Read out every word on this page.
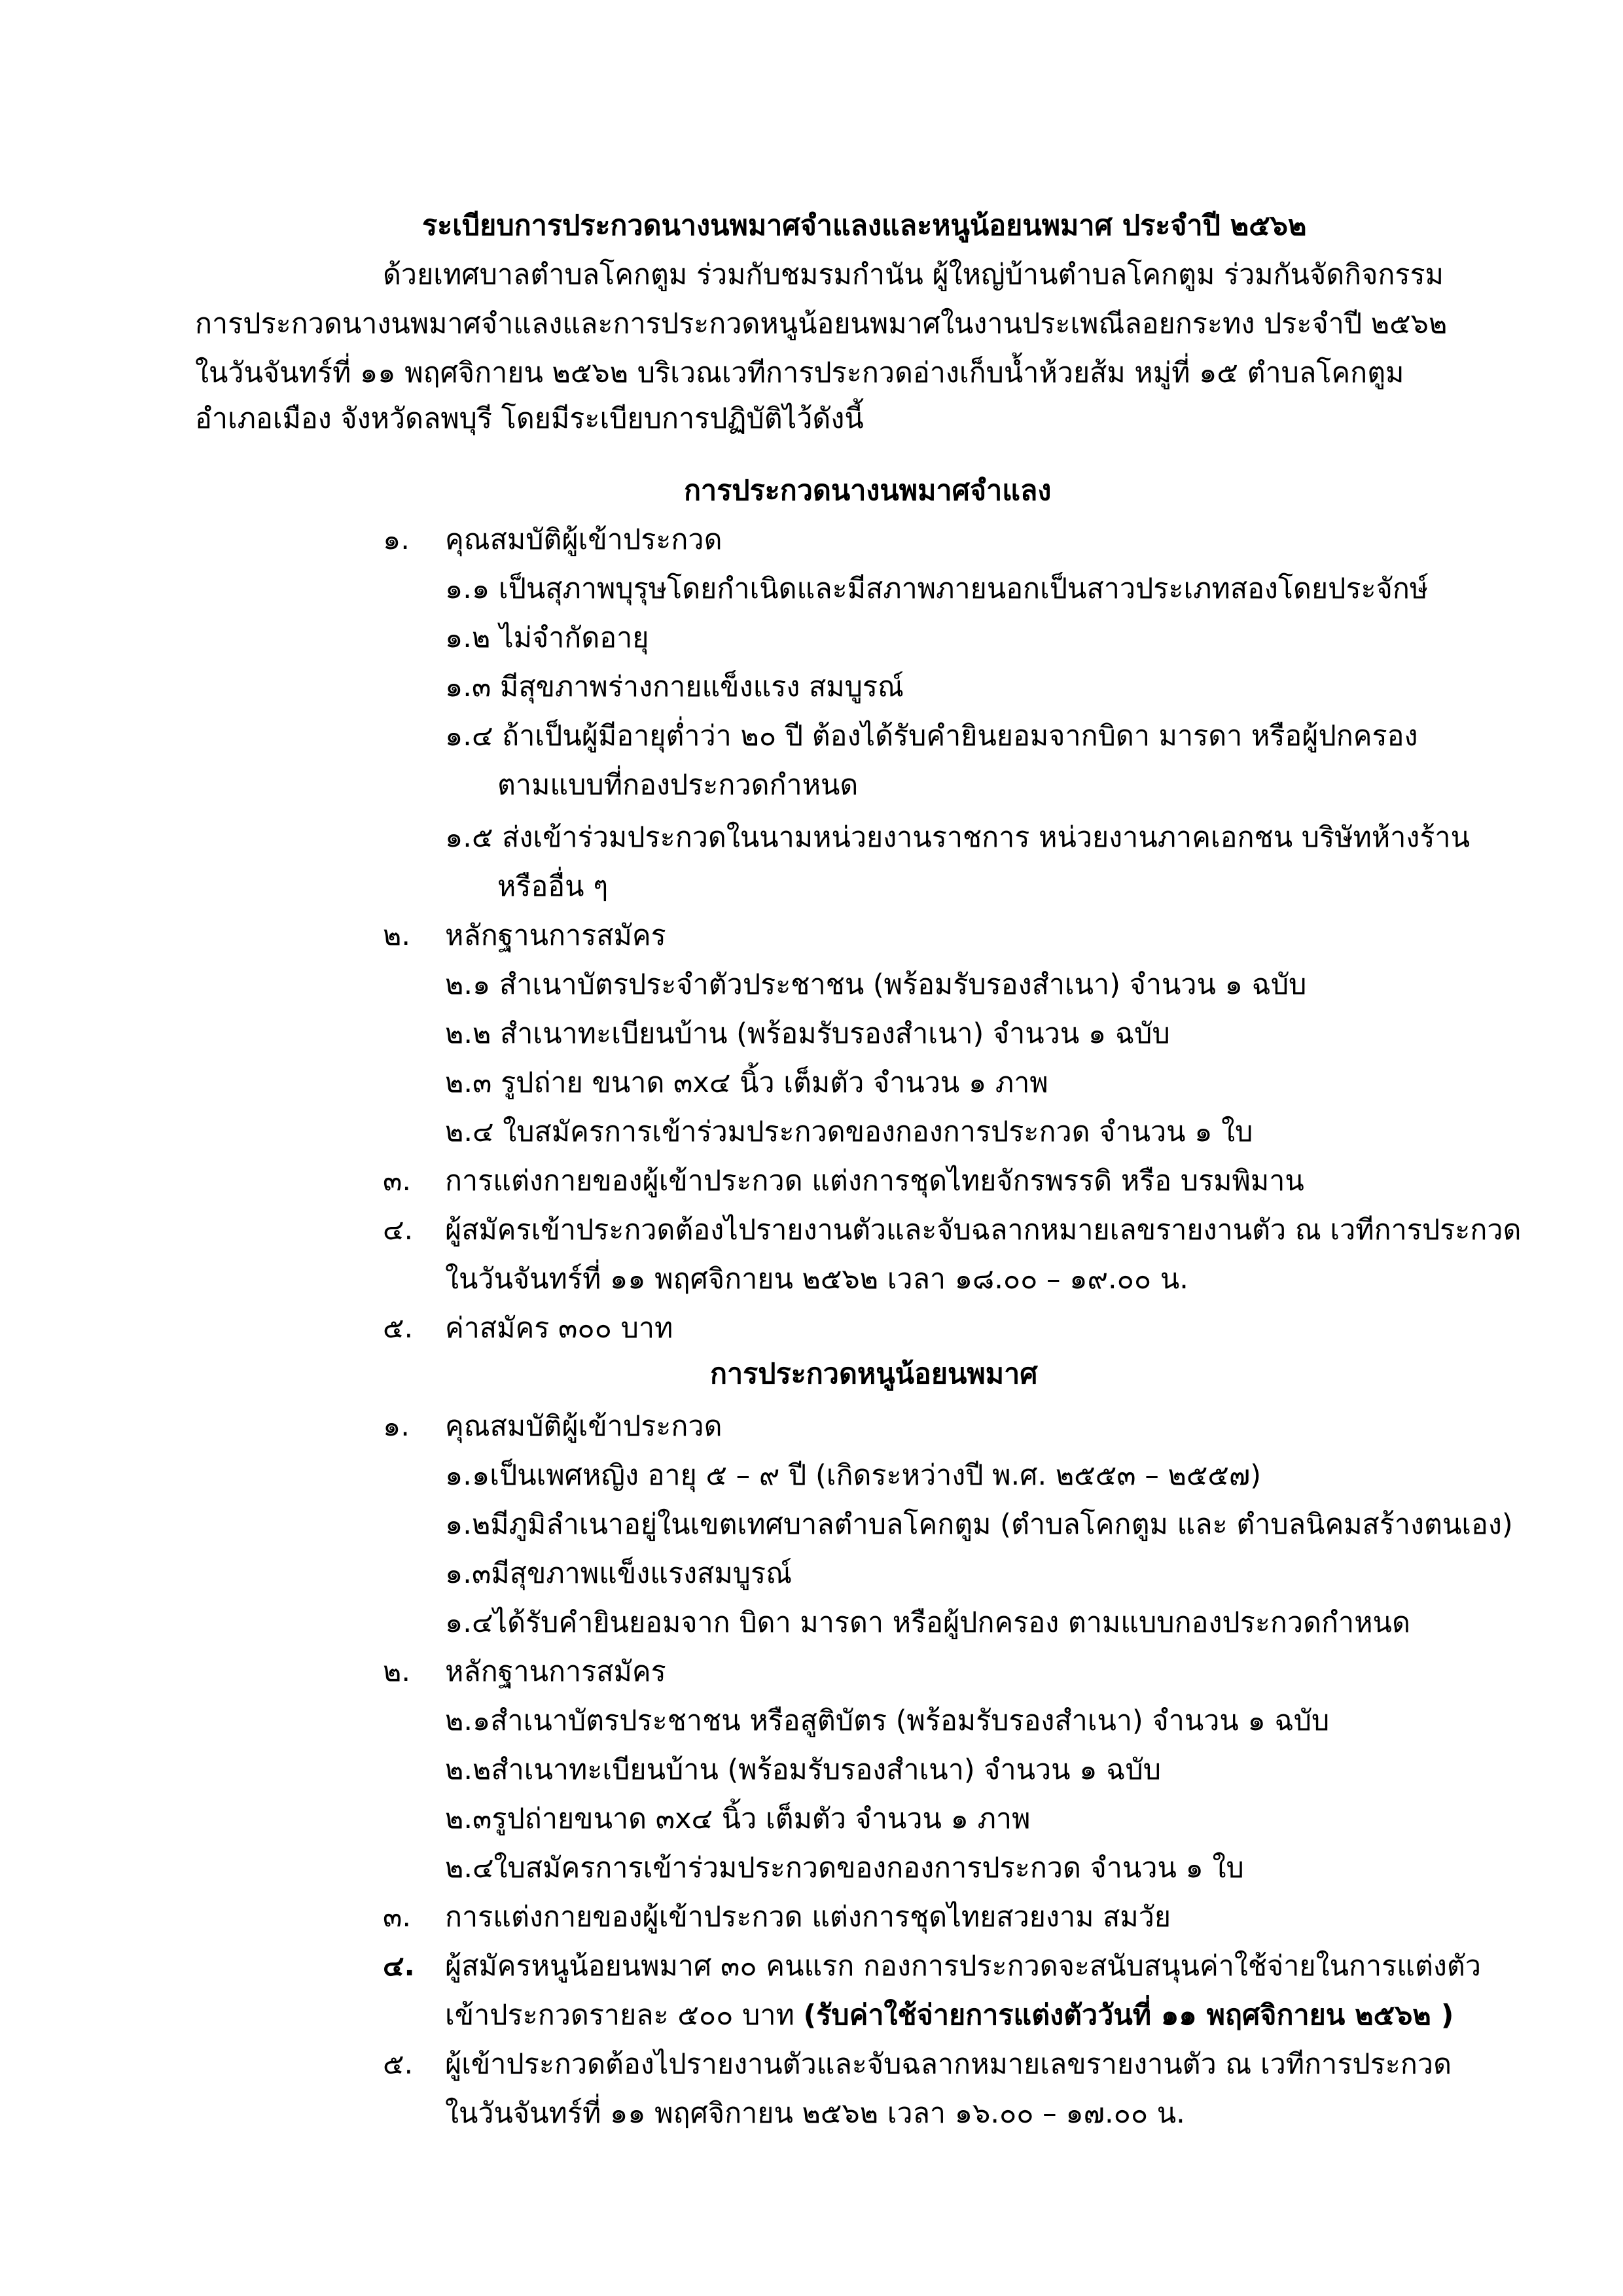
ระเบียบการประกวดนางนพมาศจำแลงและหนูน้อยนพมาศ ประจำปี ๒๕๖๒
ด้วยเทศบาลตำบลโคกตูม ร่วมกับชมรมกำนัน ผู้ใหญ่บ้านตำบลโคกตูม ร่วมกันจัดกิจกรรม
การประกวดนางนพมาศจำแลงและการประกวดหนูน้อยนพมาศในงานประเพณีลอยกระทง ประจำปี ๒๕๖๒
ในวันจันทร์ที่ ๑๑ พฤศจิกายน ๒๕๖๒ บริเวณเวทีการประกวดอ่างเก็บน้ำห้วยส้ม หมู่ที่ ๑๕ ตำบลโคกตูม
อำเภอเมือง จังหวัดลพบุรี โดยมีระเบียบการปฏิบัติไว้ดังนี้
การประกวดนางนพมาศจำแลง
๑. คุณสมบัติผู้เข้าประกวด
๑.๑ เป็นสุภาพบุรุษโดยกำเนิดและมีสภาพภายนอกเป็นสาวประเภทสองโดยประจักษ์
๑.๒ ไม่จำกัดอายุ
๑.๓ มีสุขภาพร่างกายแข็งแรง สมบูรณ์
๑.๔ ถ้าเป็นผู้มีอายุต่ำว่า ๒๐ ปี ต้องได้รับคำยินยอมจากบิดา มารดา หรือผู้ปกครอง
ตามแบบที่กองประกวดกำหนด
๑.๕ ส่งเข้าร่วมประกวดในนามหน่วยงานราชการ หน่วยงานภาคเอกชน บริษัทห้างร้าน
หรืออื่น ๆ
๒. หลักฐานการสมัคร
๒.๑ สำเนาบัตรประจำตัวประชาชน (พร้อมรับรองสำเนา) จำนวน ๑ ฉบับ
๒.๒ สำเนาทะเบียนบ้าน (พร้อมรับรองสำเนา) จำนวน ๑ ฉบับ
๒.๓ รูปถ่าย ขนาด ๓x๔ นิ้ว เต็มตัว จำนวน ๑ ภาพ
๒.๔ ใบสมัครการเข้าร่วมประกวดของกองการประกวด จำนวน ๑ ใบ
๓. การแต่งกายของผู้เข้าประกวด แต่งการชุดไทยจักรพรรดิ หรือ บรมพิมาน
๔. ผู้สมัครเข้าประกวดต้องไปรายงานตัวและจับฉลากหมายเลขรายงานตัว ณ เวทีการประกวด
ในวันจันทร์ที่ ๑๑ พฤศจิกายน ๒๕๖๒ เวลา ๑๘.๐๐ – ๑๙.๐๐ น.
๕. ค่าสมัคร ๓๐๐ บาท
การประกวดหนูน้อยนพมาศ
๑. คุณสมบัติผู้เข้าประกวด
๑.๑เป็นเพศหญิง อายุ ๕ – ๙ ปี (เกิดระหว่างปี พ.ศ. ๒๕๕๓ – ๒๕๕๗)
๑.๒มีภูมิลำเนาอยู่ในเขตเทศบาลตำบลโคกตูม (ตำบลโคกตูม และ ตำบลนิคมสร้างตนเอง)
๑.๓มีสุขภาพแข็งแรงสมบูรณ์
๑.๔ได้รับคำยินยอมจาก บิดา มารดา หรือผู้ปกครอง ตามแบบกองประกวดกำหนด
๒. หลักฐานการสมัคร
๒.๑สำเนาบัตรประชาชน หรือสูติบัตร (พร้อมรับรองสำเนา) จำนวน ๑ ฉบับ
๒.๒สำเนาทะเบียนบ้าน (พร้อมรับรองสำเนา) จำนวน ๑ ฉบับ
๒.๓รูปถ่ายขนาด ๓x๔ นิ้ว เต็มตัว จำนวน ๑ ภาพ
๒.๔ใบสมัครการเข้าร่วมประกวดของกองการประกวด จำนวน ๑ ใบ
๓. การแต่งกายของผู้เข้าประกวด แต่งการชุดไทยสวยงาม สมวัย
๔. ผู้สมัครหนูน้อยนพมาศ ๓๐ คนแรก กองการประกวดจะสนับสนุนค่าใช้จ่ายในการแต่งตัว
เข้าประกวดรายละ ๕๐๐ บาท (รับค่าใช้จ่ายการแต่งตัววันที่ ๑๑ พฤศจิกายน ๒๕๖๒ )
๕. ผู้เข้าประกวดต้องไปรายงานตัวและจับฉลากหมายเลขรายงานตัว ณ เวทีการประกวด
ในวันจันทร์ที่ ๑๑ พฤศจิกายน ๒๕๖๒ เวลา ๑๖.๐๐ – ๑๗.๐๐ น.
